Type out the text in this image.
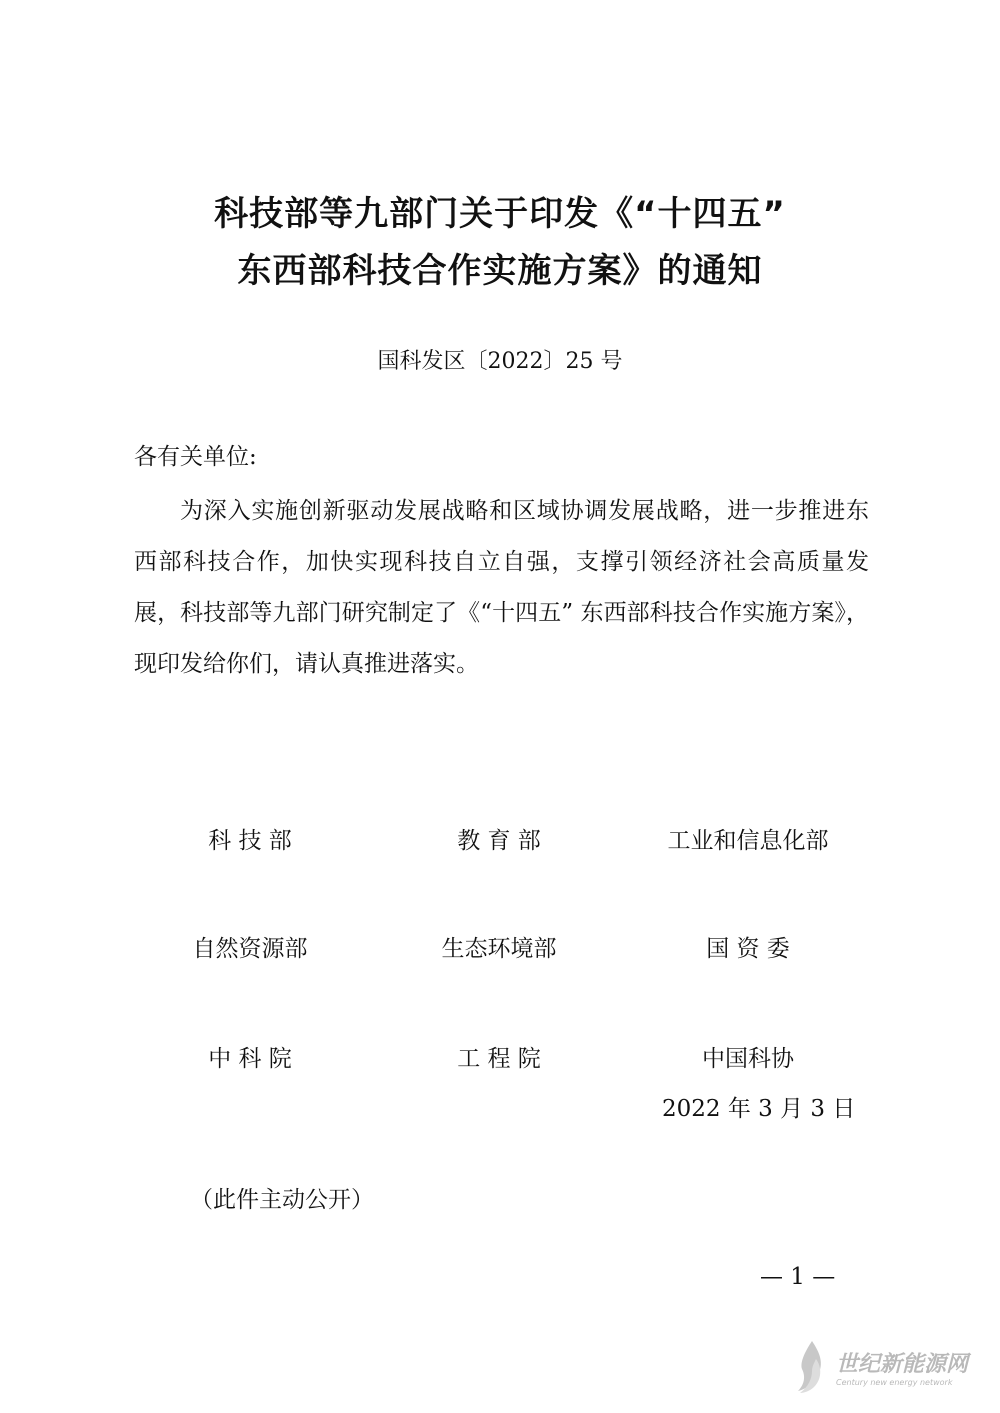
科技部等九部门关于印发《“十四五”
东西部科技合作实施方案》的通知
国科发区〔2022〕25 号
各有关单位:

为深入实施创新驱动发展战略和区域协调发展战略，进一步推进东西部科技合作，加快实现科技自立自强，支撑引领经济社会高质量发展，科技部等九部门研究制定了《“十四五” 东西部科技合作实施方案》，现印发给你们，请认真推进落实。

科 技 部	教 育 部	工业和信息化部
自然资源部	生态环境部	国 资 委
中 科 院	工 程 院	中国科协
2022 年 3 月 3 日
（此件主动公开）
— 1 —
世纪新能源网
Century new energy network
